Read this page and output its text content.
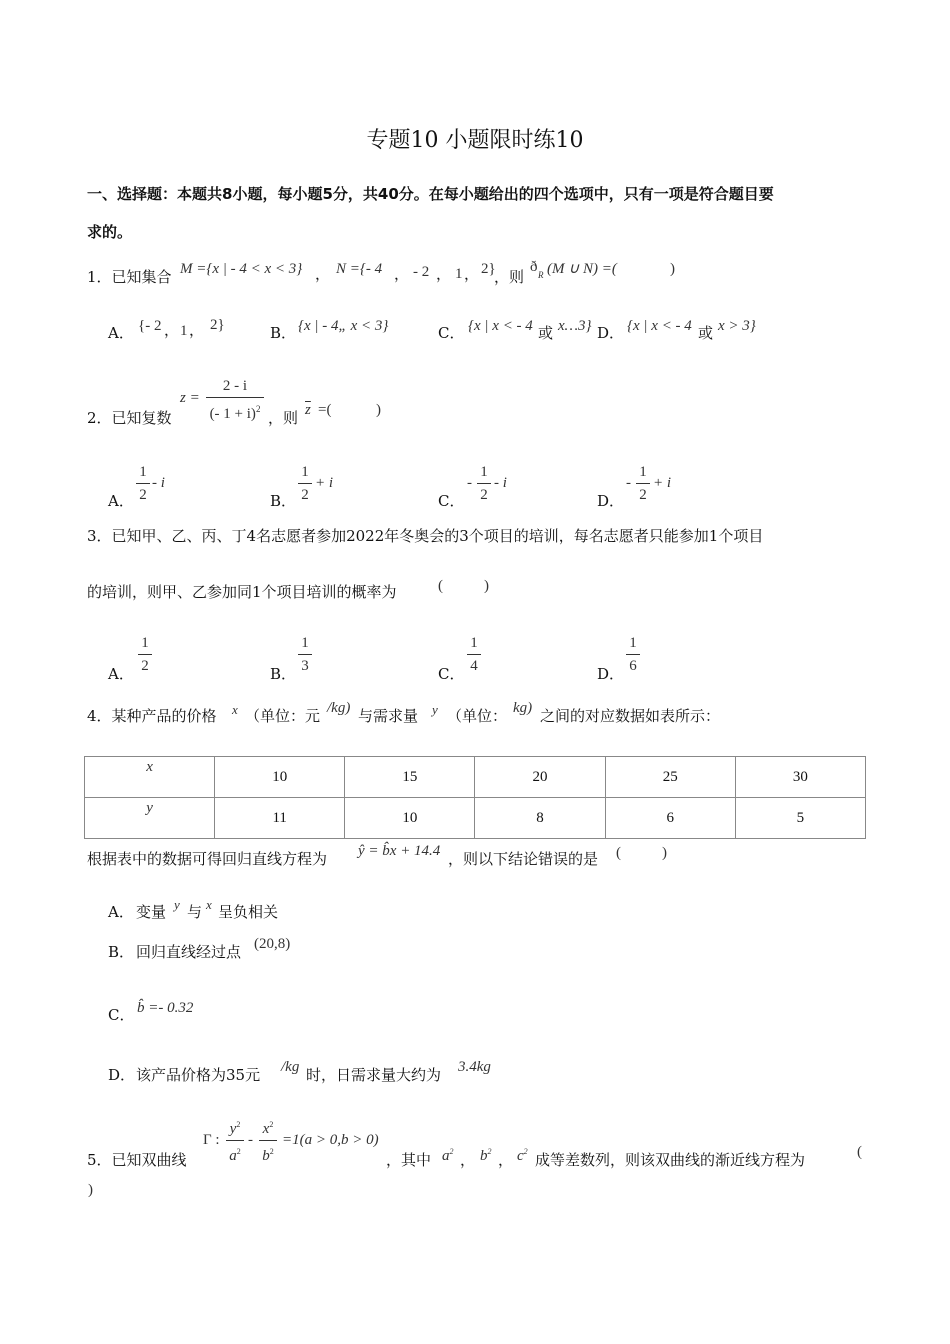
专题10 小题限时练10
一、选择题：本题共8小题，每小题5分，共40分。在每小题给出的四个选项中，只有一项是符合题目要
求的。
1．已知集合 M ={x | - 4 < x < 3} ， N ={- 4 ， - 2 ， 1 ， 2}
，则
ð R (M ∪ N) =(	)
A． {- 2 ， 1 ， 2}	B． {x | - 4„ x < 3}	C． {x | x < - 4 或 x…3} D． {x | x < - 4 或 x > 3}
2．已知复数
z =
2 - i
(- 1 + i)$^2$ ，则 $\overline{z}$ =(	)
A．
1
2
- i
B．
1
2
+ i
C．
-
1
2
- i
D．
-
1
2
+ i
3．已知甲、乙、丙、丁4名志愿者参加2022年冬奥会的3个项目的培训，每名志愿者只能参加1个项目
的培训，则甲、乙参加同1个项目培训的概率为	(	)
A．
1
2	B．
1
3	C．
1
4	D．
1
6
4．某种产品的价格 x （单位：元 /kg) 与需求量 y （单位： kg) 之间的对应数据如表所示：
x	10	15	20	25	30
y	11	10	8	6	5
根据表中的数据可得回归直线方程为 ŷ = b̂x + 14.4 ，则以下结论错误的是 (	)
A． 变量 y 与 x 呈负相关
B． 回归直线经过点 (20,8)
C． b̂ =- 0.32
D． 该产品价格为35元 /kg 时，日需求量大约为 3.4kg
5．已知双曲线
Γ :
$y^2$
$a^2$
-
$x^2$
$b^2$
=1(a > 0,b > 0)
，其中 $a^2$ ， $b^2$ ， $c^2$ 成等差数列，则该双曲线的渐近线方程为	(
)
